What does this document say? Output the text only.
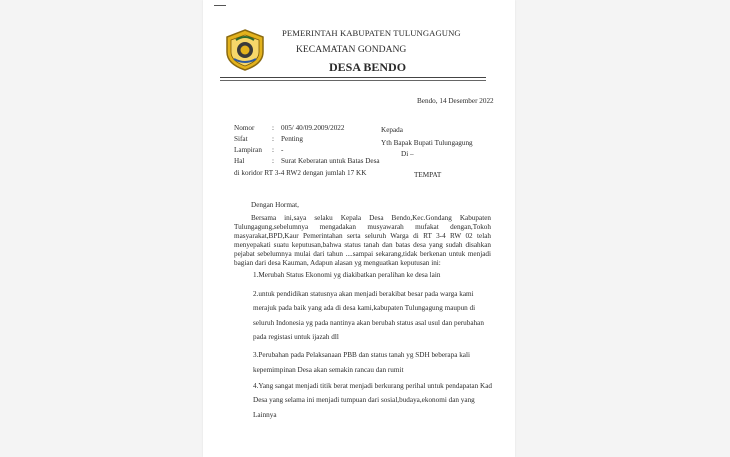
PEMERINTAH KABUPATEN TULUNGAGUNG
KECAMATAN GONDANG
DESA BENDO
Bendo, 14 Desember 2022
Nomor : 005/ 40/09.2009/2022
Sifat	: Penting
Lampiran : -
Hal	: Surat Keberatan untuk Batas Desa
di koridor RT 3-4 RW2 dengan jumlah 17 KK
Kepada
Yth Bapak Bupati Tulungagung
Di –
TEMPAT
Dengan Hormat,
Bersama ini,saya selaku Kepala Desa Bendo,Kec.Gondang Kabupaten
Tulungagung,sebelumnya mengadakan musyawarah mufakat dengan,Tokoh
masyarakat,BPD,Kaur Pemerintahan serta seluruh Warga di RT 3-4 RW 02 telah
menyepakati suatu keputusan,bahwa status tanah dan batas desa yang sudah disahkan
pejabat sebelumnya mulai dari tahun ....sampai sekarang,tidak berkenan untuk menjadi
bagian dari desa Kauman, Adapun alasan yg menguatkan keputusan ini:
1.Merubah Status Ekonomi yg diakibatkan peralihan ke desa lain
2.untuk pendidikan statusnya akan menjadi berakibat besar pada warga kami
merajuk pada baik yang ada di desa kami,kabupaten Tulungagung maupun di
seluruh Indonesia yg pada nantinya akan berubah status asal usul dan perubahan
pada registasi untuk ijazah dll
3.Perubahan pada Pelaksanaan PBB dan status tanah yg SDH beberapa kali
kepemimpinan Desa akan semakin rancau dan rumit
4.Yang sangat menjadi titik berat menjadi berkurang perihal untuk pendapatan Kad
Desa yang selama ini menjadi tumpuan dari sosial,budaya,ekonomi dan yang
Lainnya
